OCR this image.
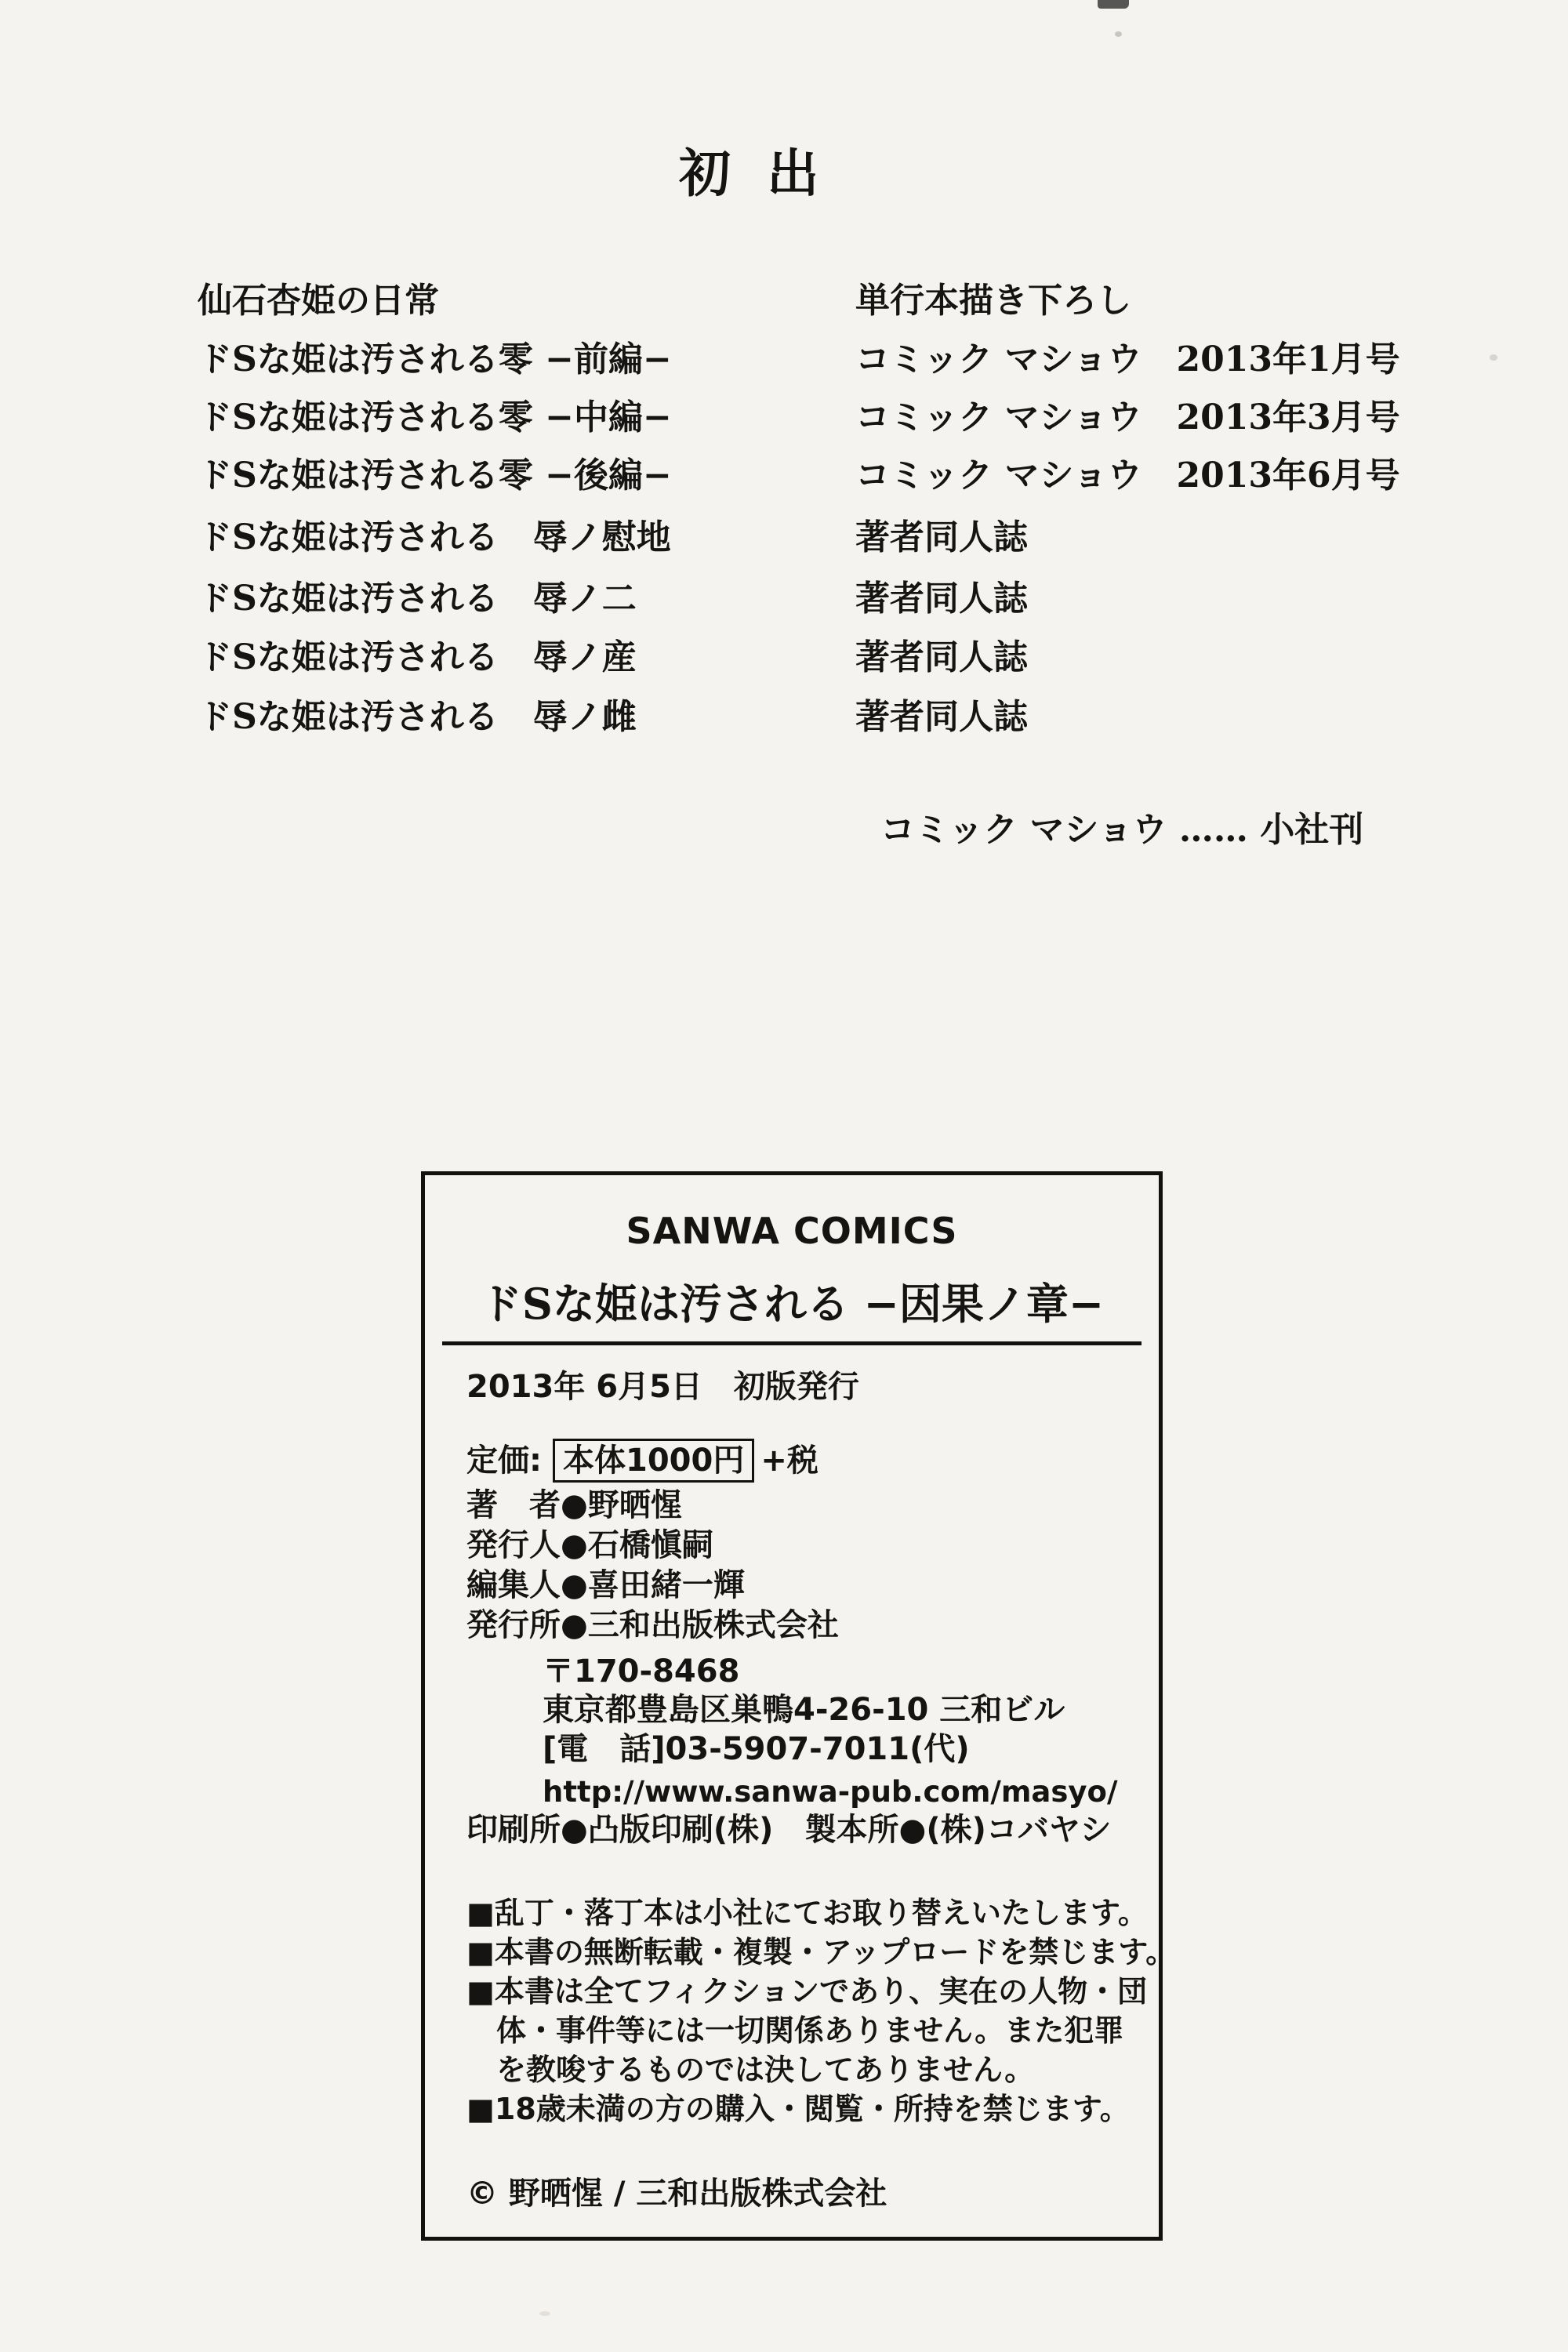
初出
仙石杏姫の日常	単行本描き下ろし
ドSな姫は汚される零 −前編−	コミック マショウ　2013年1月号
ドSな姫は汚される零 −中編−	コミック マショウ　2013年3月号
ドSな姫は汚される零 −後編−	コミック マショウ　2013年6月号
ドSな姫は汚される　辱ノ慰地	著者同人誌
ドSな姫は汚される　辱ノ二	著者同人誌
ドSな姫は汚される　辱ノ産	著者同人誌
ドSな姫は汚される　辱ノ雌	著者同人誌
コミック マショウ …… 小社刊
SANWA COMICS
ドSな姫は汚される −因果ノ章−
2013年 6月5日　初版発行
定価: 本体1000円 +税
著　者●野晒惺
発行人●石橋愼嗣
編集人●喜田緒一輝
発行所●三和出版株式会社
〒170-8468
東京都豊島区巣鴨4-26-10 三和ビル
[電　話]03-5907-7011(代)
http://www.sanwa-pub.com/masyo/
印刷所●凸版印刷(株)　製本所●(株)コバヤシ
■乱丁・落丁本は小社にてお取り替えいたします。
■本書の無断転載・複製・アップロードを禁じます。
■本書は全てフィクションであり、実在の人物・団
体・事件等には一切関係ありません。また犯罪
を教唆するものでは決してありません。
■18歳未満の方の購入・閲覧・所持を禁じます。
© 野晒惺 / 三和出版株式会社
